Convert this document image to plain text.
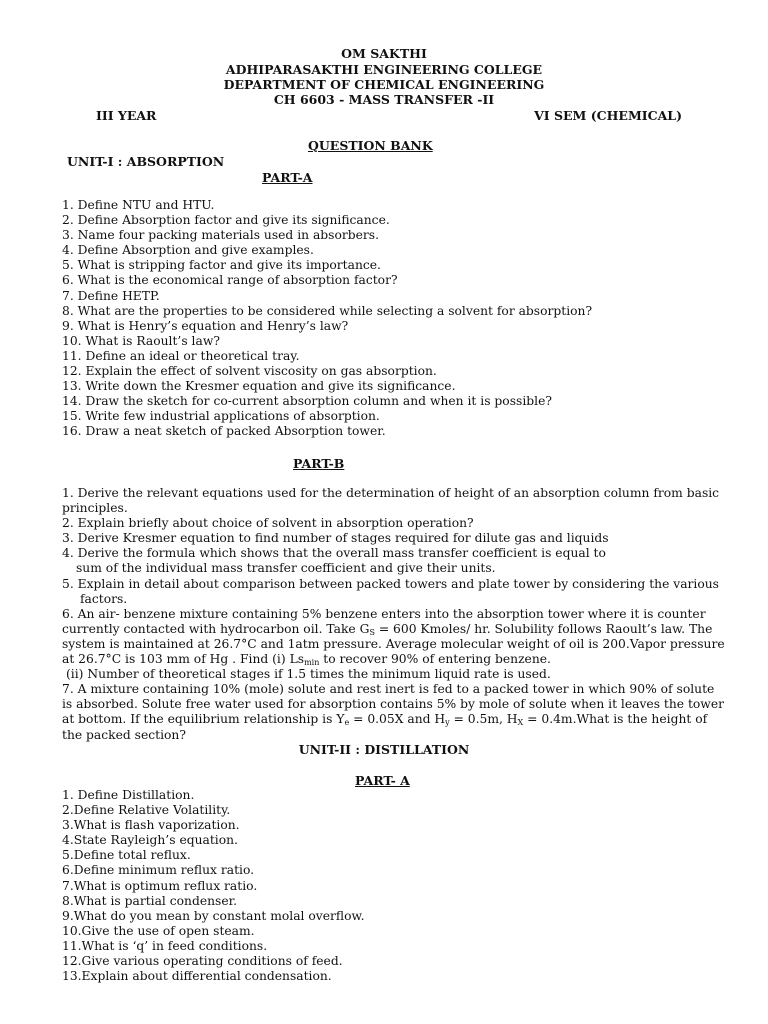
OM SAKTHI
ADHIPARASAKTHI ENGINEERING COLLEGE
DEPARTMENT OF CHEMICAL ENGINEERING
CH 6603 - MASS TRANSFER -II
III YEAR	VI SEM (CHEMICAL)
QUESTION BANK
UNIT-I : ABSORPTION
PART-A

1. Define NTU and HTU.

2. Define Absorption factor and give its significance.

3. Name four packing materials used in absorbers.

4. Define Absorption and give examples.

5. What is stripping factor and give its importance.

6. What is the economical range of absorption factor?

7. Define HETP.

8. What are the properties to be considered while selecting a solvent for absorption?

9. What is Henry’s equation and Henry’s law?

10. What is Raoult’s law?

11. Define an ideal or theoretical tray.

12. Explain the effect of solvent viscosity on gas absorption.

13. Write down the Kresmer equation and give its significance.

14. Draw the sketch for co-current absorption column and when it is possible?

15. Write few industrial applications of absorption.

16. Draw a neat sketch of packed Absorption tower.

PART-B

1. Derive the relevant equations used for the determination of height of an absorption column from basic

principles.

2. Explain briefly about choice of solvent in absorption operation?

3. Derive Kresmer equation to find number of stages required for dilute gas and liquids

4. Derive the formula which shows that the overall mass transfer coefficient is equal to

sum of the individual mass transfer coefficient and give their units.

5. Explain in detail about comparison between packed towers and plate tower by considering the various

factors.

6. An air- benzene mixture containing 5% benzene enters into the absorption tower where it is counter

currently contacted with hydrocarbon oil. Take $G_S = 600$ Kmoles/ hr. Solubility follows Raoult’s law. The

system is maintained at 26.7°C and 1atm pressure. Average molecular weight of oil is 200.Vapor pressure

at 26.7°C is 103 mm of Hg . Find (i) $Ls_{min}$ to recover 90% of entering benzene.

(ii) Number of theoretical stages if 1.5 times the minimum liquid rate is used.

7. A mixture containing 10% (mole) solute and rest inert is fed to a packed tower in which 90% of solute

is absorbed. Solute free water used for absorption contains 5% by mole of solute when it leaves the tower

at bottom. If the equilibrium relationship is $Y_e = 0.05X$ and $H_y = 0.5m$, $H_X$ = 0.4m.What is the height of

the packed section?

UNIT-II : DISTILLATION
PART- A

1. Define Distillation.

2.Define Relative Volatility.

3.What is flash vaporization.

4.State Rayleigh’s equation.

5.Define total reflux.

6.Define minimum reflux ratio.

7.What is optimum reflux ratio.

8.What is partial condenser.

9.What do you mean by constant molal overflow.

10.Give the use of open steam.

11.What is ‘q’ in feed conditions.

12.Give various operating conditions of feed.

13.Explain about differential condensation.
